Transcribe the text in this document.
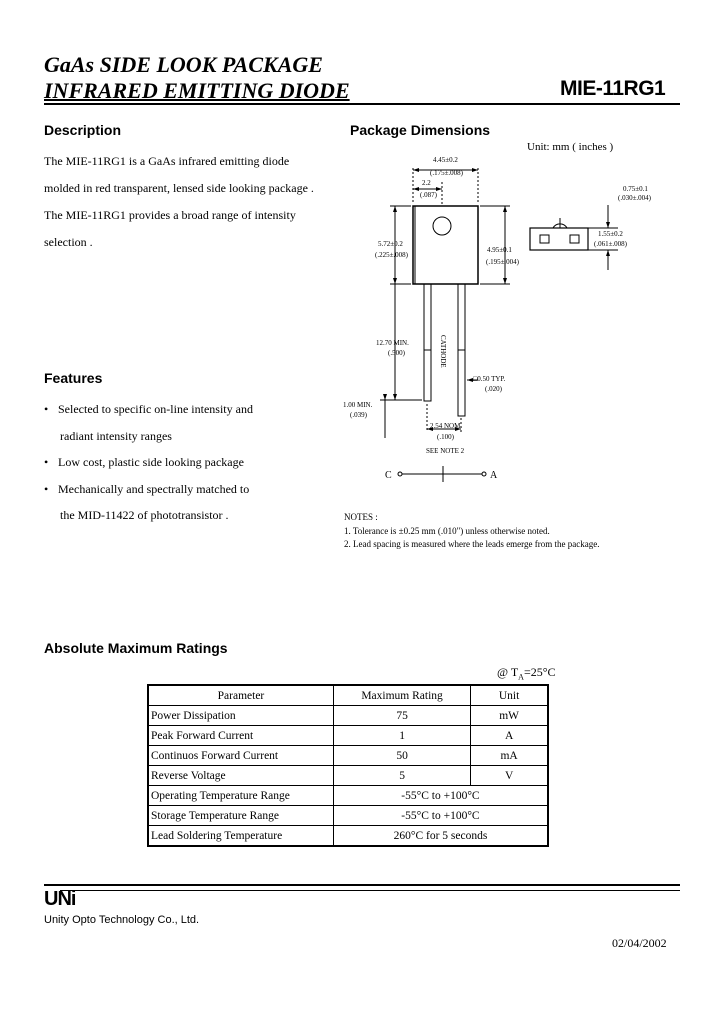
GaAs SIDE LOOK PACKAGE
INFRARED EMITTING DIODE	MIE-11RG1
Description
The MIE-11RG1 is a GaAs infrared emitting diode
molded in red transparent, lensed side looking package .
The MIE-11RG1 provides a broad range of intensity
selection .
Features
• Selected to specific on-line intensity and
radiant intensity ranges
• Low cost, plastic side looking package
• Mechanically and spectrally matched to
the MID-11422 of phototransistor .
Package Dimensions
Unit: mm ( inches )
4.45±0.2
(.175±.008)
2.2
(.087)
0.75±0.1
(.030±.004)
5.72±0.2
(.225±.008)
4.95±0.1
(.195±.004)
1.55±0.2
(.061±.008)
12.70 MIN.
(.500)	CATHODE
□0.50 TYP.
(.020)
1.00 MIN.
(.039)
2.54 NOM.
(.100)
SEE NOTE 2
C	A
NOTES :
1. Tolerance is ±0.25 mm (.010") unless otherwise noted.
2. Lead spacing is measured where the leads emerge from the package.
Absolute Maximum Ratings
@ $T_A=25^\circ C$
Parameter	Maximum Rating	Unit
Power Dissipation	75	mW
Peak Forward Current	1	A
Continuos Forward Current	50	mA
Reverse Voltage	5	V
Operating Temperature Range	-55°C to +100°C	
Storage Temperature Range	-55°C to +100°C	
Lead Soldering Temperature	260°C for 5 seconds	
UNi
Unity Opto Technology Co., Ltd.
02/04/2002
